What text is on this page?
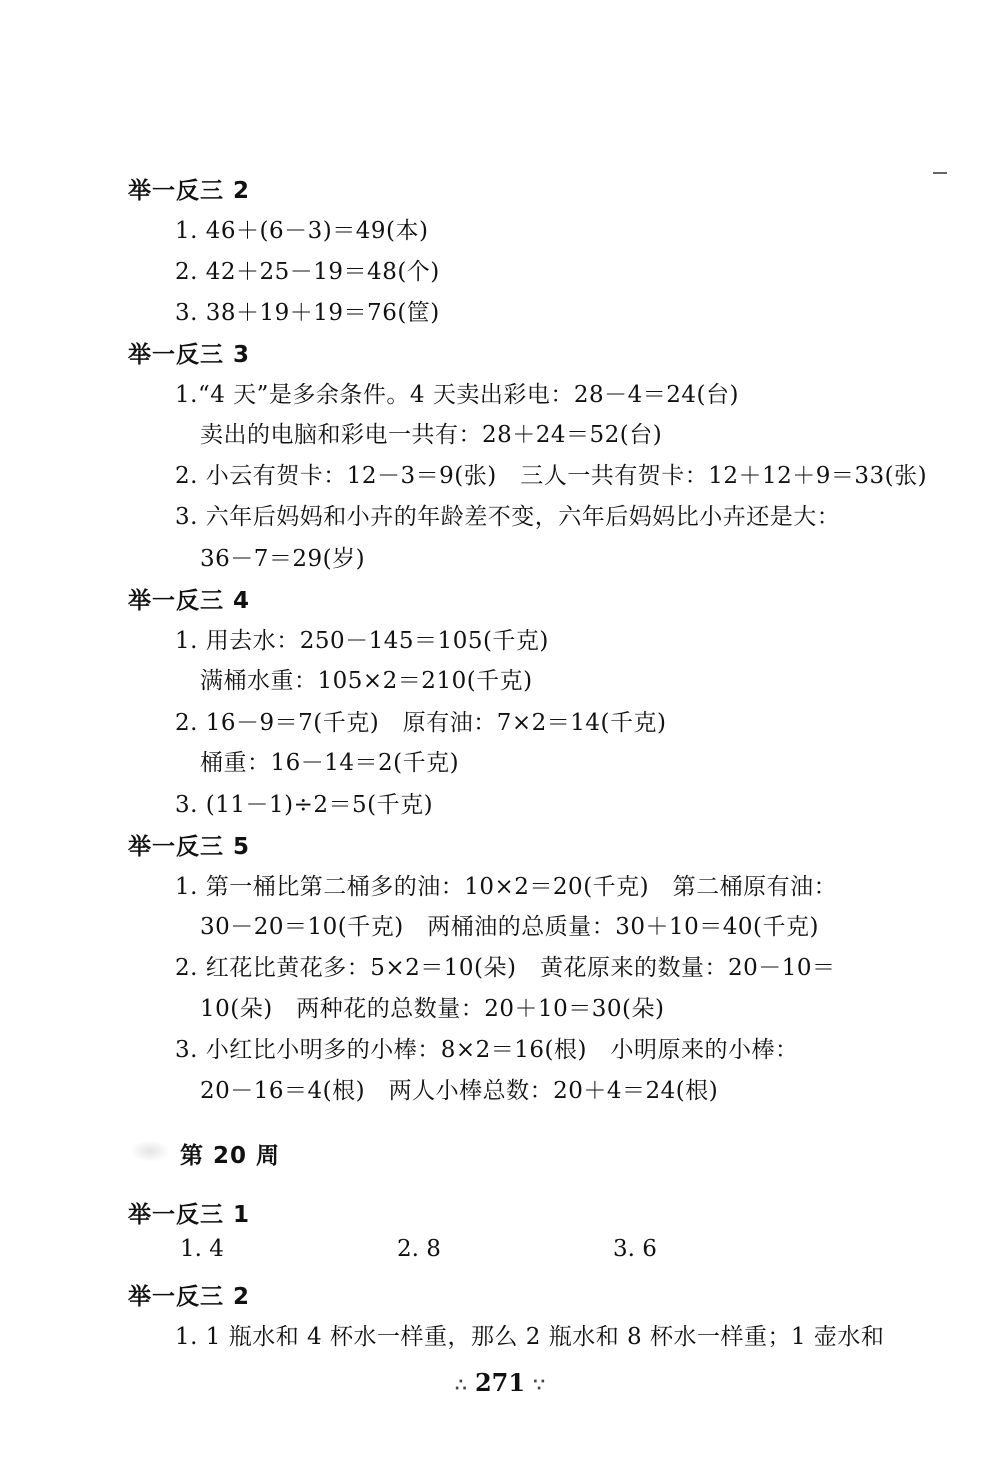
举一反三 2
1. 46＋(6－3)＝49(本)
2. 42＋25－19＝48(个)
3. 38＋19＋19＝76(筐)
举一反三 3
1.“4 天”是多余条件。4 天卖出彩电：28－4＝24(台)
卖出的电脑和彩电一共有：28＋24＝52(台)
2. 小云有贺卡：12－3＝9(张)　三人一共有贺卡：12＋12＋9＝33(张)
3. 六年后妈妈和小卉的年龄差不变，六年后妈妈比小卉还是大：
36－7＝29(岁)
举一反三 4
1. 用去水：250－145＝105(千克)
满桶水重：105×2＝210(千克)
2. 16－9＝7(千克)　原有油：7×2＝14(千克)
桶重：16－14＝2(千克)
3. (11－1)÷2＝5(千克)
举一反三 5
1. 第一桶比第二桶多的油：10×2＝20(千克)　第二桶原有油：
30－20＝10(千克)　两桶油的总质量：30＋10＝40(千克)
2. 红花比黄花多：5×2＝10(朵)　黄花原来的数量：20－10＝
10(朵)　两种花的总数量：20＋10＝30(朵)
3. 小红比小明多的小棒：8×2＝16(根)　小明原来的小棒：
20－16＝4(根)　两人小棒总数：20＋4＝24(根)
第 20 周
举一反三 1
1. 4	2. 8	3. 6
举一反三 2
1. 1 瓶水和 4 杯水一样重，那么 2 瓶水和 8 杯水一样重；1 壶水和
∴ 271 ∵
